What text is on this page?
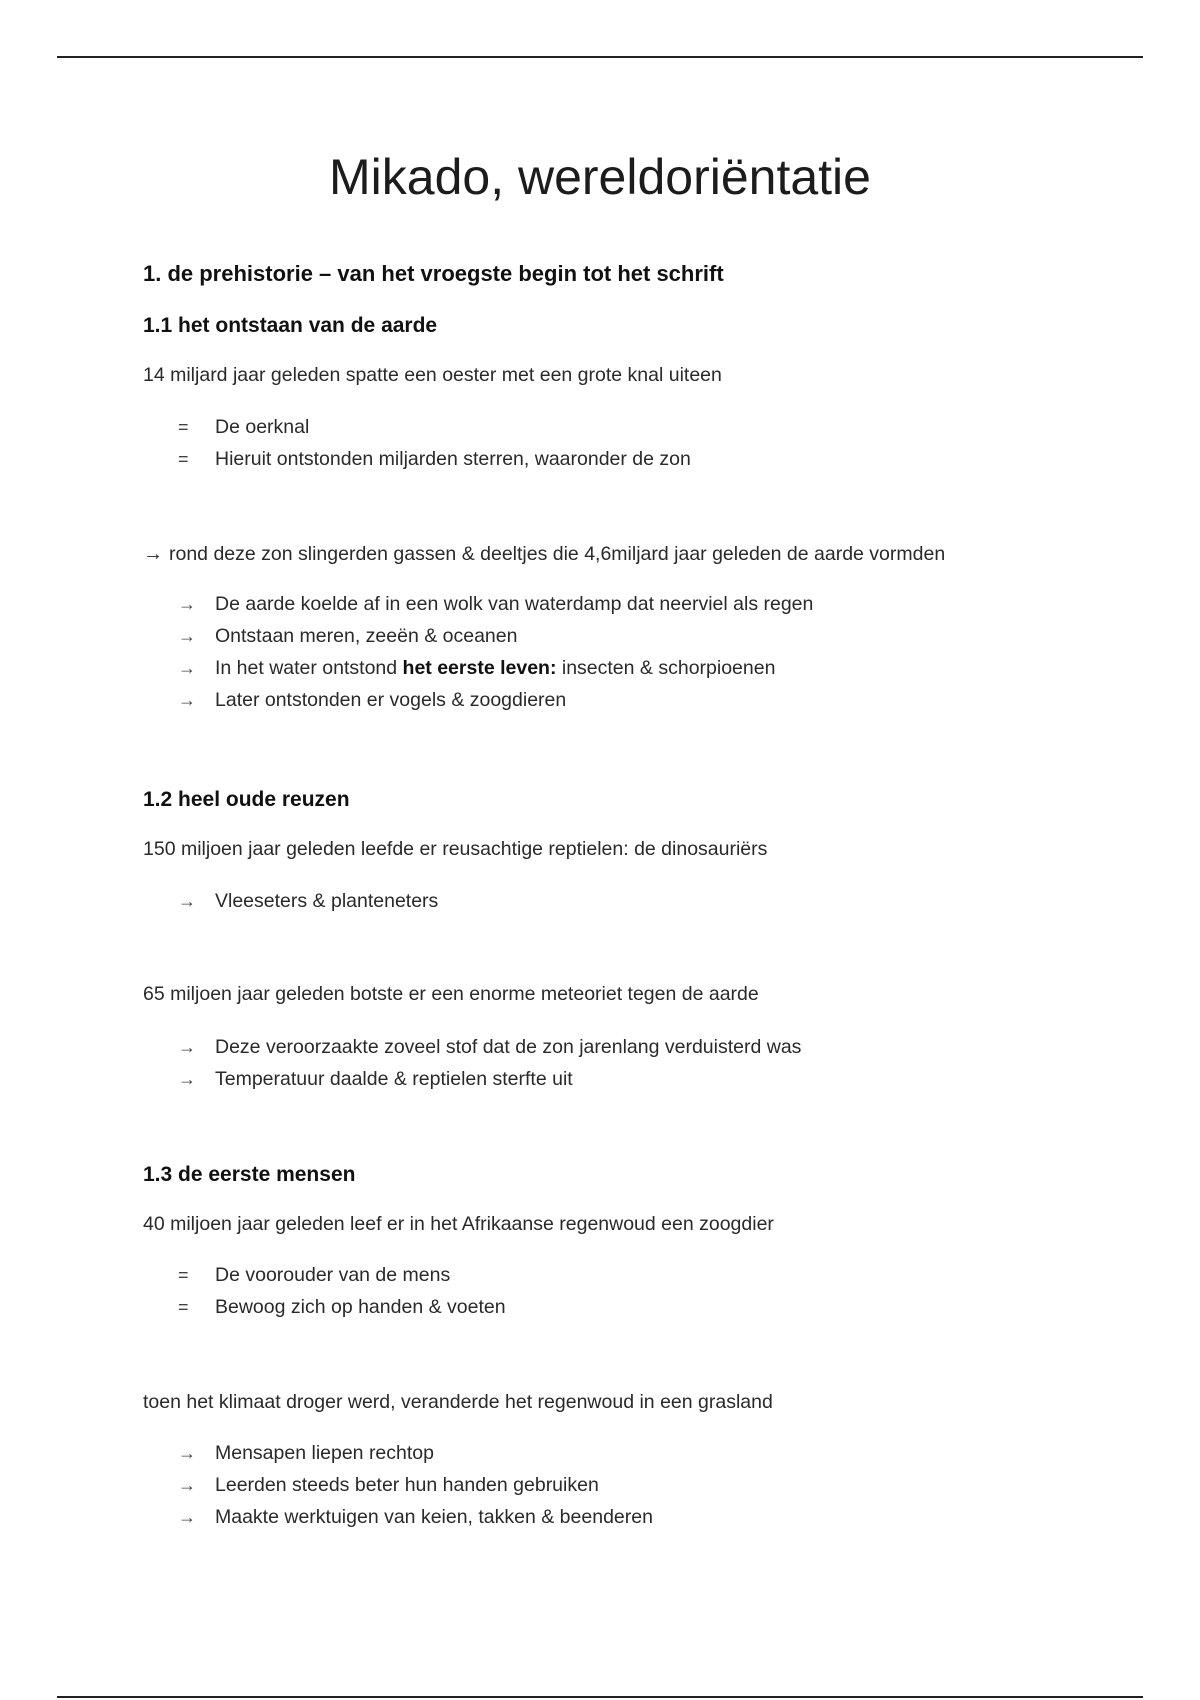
Mikado, wereldoriëntatie
1. de prehistorie – van het vroegste begin tot het schrift
1.1 het ontstaan van de aarde

14 miljard jaar geleden spatte een oester met een grote knal uiteen

= De oerknal
= Hieruit ontstonden miljarden sterren, waaronder de zon

→ rond deze zon slingerden gassen & deeltjes die 4,6miljard jaar geleden de aarde vormden

→ De aarde koelde af in een wolk van waterdamp dat neerviel als regen
→ Ontstaan meren, zeeën & oceanen
→ In het water ontstond het eerste leven: insecten & schorpioenen
→ Later ontstonden er vogels & zoogdieren
1.2 heel oude reuzen

150 miljoen jaar geleden leefde er reusachtige reptielen: de dinosauriërs

→ Vleeseters & planteneters

65 miljoen jaar geleden botste er een enorme meteoriet tegen de aarde

→ Deze veroorzaakte zoveel stof dat de zon jarenlang verduisterd was
→ Temperatuur daalde & reptielen sterfte uit
1.3 de eerste mensen

40 miljoen jaar geleden leef er in het Afrikaanse regenwoud een zoogdier

= De voorouder van de mens
= Bewoog zich op handen & voeten

toen het klimaat droger werd, veranderde het regenwoud in een grasland

→ Mensapen liepen rechtop
→ Leerden steeds beter hun handen gebruiken
→ Maakte werktuigen van keien, takken & beenderen
